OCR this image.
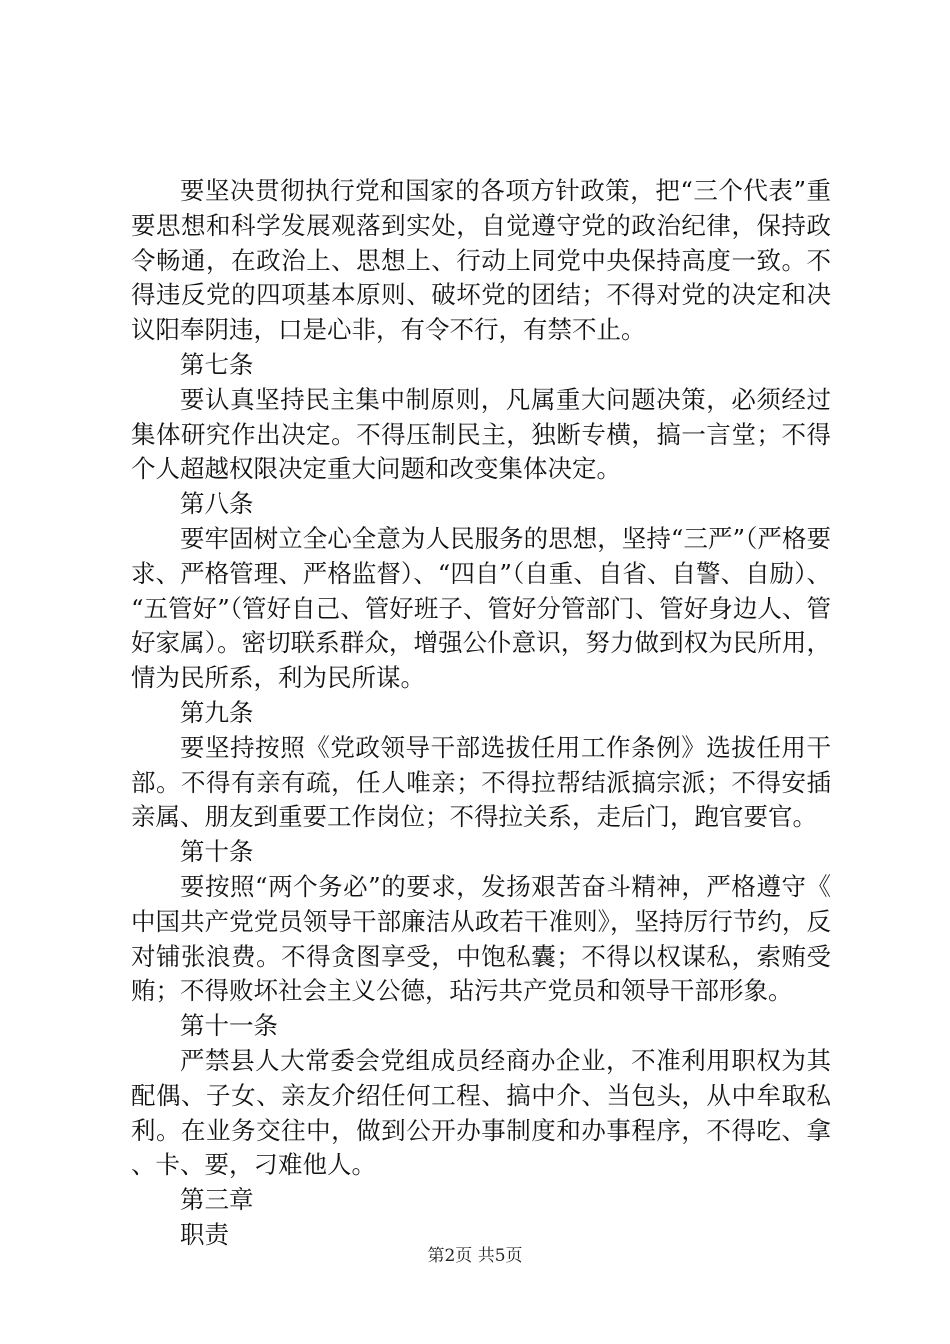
要坚决贯彻执行党和国家的各项方针政策，把“三个代表”重要思想和科学发展观落到实处，自觉遵守党的政治纪律，保持政令畅通，在政治上、思想上、行动上同党中央保持高度一致。不得违反党的四项基本原则、破坏党的团结；不得对党的决定和决议阳奉阴违，口是心非，有令不行，有禁不止。

第七条

要认真坚持民主集中制原则，凡属重大问题决策，必须经过集体研究作出决定。不得压制民主，独断专横，搞一言堂；不得个人超越权限决定重大问题和改变集体决定。

第八条

要牢固树立全心全意为人民服务的思想，坚持“三严”（严格要求、严格管理、严格监督）、“四自”（自重、自省、自警、自励）、“五管好”（管好自己、管好班子、管好分管部门、管好身边人、管好家属）。密切联系群众，增强公仆意识，努力做到权为民所用，情为民所系，利为民所谋。

第九条

要坚持按照《党政领导干部选拔任用工作条例》选拔任用干部。不得有亲有疏，任人唯亲；不得拉帮结派搞宗派；不得安插亲属、朋友到重要工作岗位；不得拉关系，走后门，跑官要官。

第十条

要按照“两个务必”的要求，发扬艰苦奋斗精神，严格遵守《中国共产党党员领导干部廉洁从政若干准则》，坚持厉行节约，反对铺张浪费。不得贪图享受，中饱私囊；不得以权谋私，索贿受贿；不得败坏社会主义公德，玷污共产党员和领导干部形象。

第十一条

严禁县人大常委会党组成员经商办企业，不准利用职权为其配偶、子女、亲友介绍任何工程、搞中介、当包头，从中牟取私利。在业务交往中，做到公开办事制度和办事程序，不得吃、拿、卡、要，刁难他人。

第三章

职责

第2页 共5页
